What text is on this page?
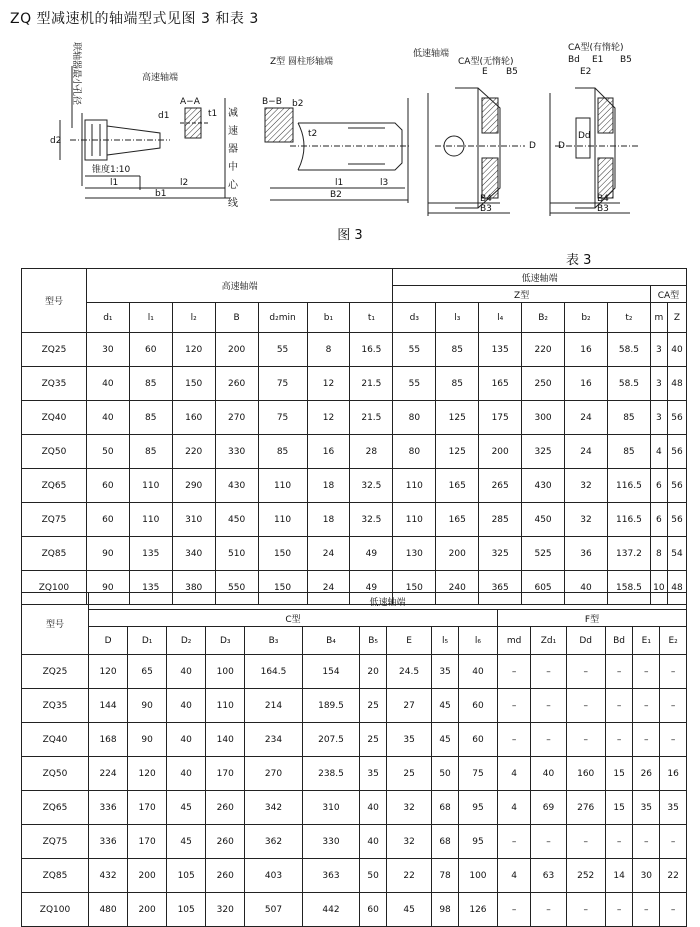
ZQ 型减速机的轴端型式见图 3 和表 3
联轴器最小孔径	高速轴端
A−A	B−B
Z型 圆柱形轴端
低速轴端
CA型(无惰轮)
CA型(有惰轮)
锥度1:10
d2
d1
l1	l2
b1
t1
b2
t2
l1	l3
B2	B4
B3
B5
E
D
B4
B3
Bd E1
E2
B5
D
Dd
减
速
器
中
心
线
图 3
表 3
型号	高速轴端							低速轴端							
								Z型						CA型	
	d₁	l₁	l₂	B	d₂min	b₁	t₁	d₃	l₃	l₄	B₂	b₂	t₂	m	Z
ZQ25	30	60	120	200	55	8	16.5	55	85	135	220	16	58.5	3	40
ZQ35	40	85	150	260	75	12	21.5	55	85	165	250	16	58.5	3	48
ZQ40	40	85	160	270	75	12	21.5	80	125	175	300	24	85	3	56
ZQ50	50	85	220	330	85	16	28	80	125	200	325	24	85	4	56
ZQ65	60	110	290	430	110	18	32.5	110	165	265	430	32	116.5	6	56
ZQ75	60	110	310	450	110	18	32.5	110	165	285	450	32	116.5	6	56
ZQ85	90	135	340	510	150	24	49	130	200	325	525	36	137.2	8	54
ZQ100	90	135	380	550	150	24	49	150	240	365	605	40	158.5	10	48
型号	低速轴端															
	C型										F型					
	D	D₁	D₂	D₃	B₃	B₄	B₅	E	l₅	l₆	md	Zd₁	Dd	Bd	E₁	E₂
ZQ25	120	65	40	100	164.5	154	20	24.5	35	40	–	–	–	–	–	–
ZQ35	144	90	40	110	214	189.5	25	27	45	60	–	–	–	–	–	–
ZQ40	168	90	40	140	234	207.5	25	35	45	60	–	–	–	–	–	–
ZQ50	224	120	40	170	270	238.5	35	25	50	75	4	40	160	15	26	16
ZQ65	336	170	45	260	342	310	40	32	68	95	4	69	276	15	35	35
ZQ75	336	170	45	260	362	330	40	32	68	95	–	–	–	–	–	–
ZQ85	432	200	105	260	403	363	50	22	78	100	4	63	252	14	30	22
ZQ100	480	200	105	320	507	442	60	45	98	126	–	–	–	–	–	–
